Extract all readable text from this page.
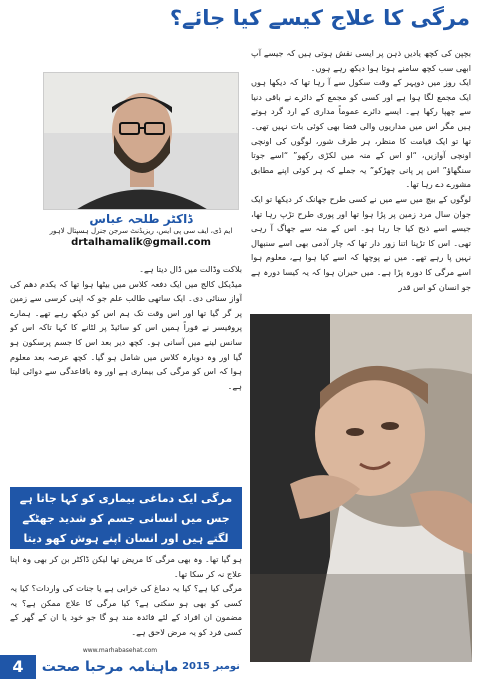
مرگی کا علاج کیسے کیا جائے؟
ڈاکٹر طلحہ عباس
ایم ڈی، ایف سی پی ایس، ریزیڈنٹ سرجن جنرل ہسپتال لاہور
drtalhamalik@gmail.com

بچپن کی کچھ یادیں ذہن پر ایسی نقش ہوتی ہیں کہ جیسے آپ ابھی سب کچھ سامنے ہوتا ہوا دیکھ رہے ہوں۔

ایک روز میں دوپہر کے وقت سکول سے آ رہا تھا کہ دیکھا ہوں ایک مجمع لگا ہوا ہے اور کسی کو مجمع کے دائرے نے باقی دنیا سے چھپا رکھا ہے۔ ایسے دائرے عموماً مداری کے ارد گرد ہوتے ہیں مگر اس میں مداریوں والی فضا بھی کوئی بات نہیں تھی۔ تھا تو ایک قیامت کا منظر، ہر طرف شور، لوگوں کی اونچی اونچی آوازیں، “او اس کے منہ میں لکڑی رکھو” “اسے جوتا سنگھاؤ” اس پر پانی چھڑکو” یہ جملے کہ ہر کوئی اپنے مطابق مشورے دے رہا تھا۔

لوگوں کے بیچ میں سے میں نے کسی طرح جھانک کر دیکھا تو ایک جوان سال مرد زمین پر پڑا ہوا تھا اور پوری طرح تڑپ رہا تھا، جیسے اسے ذبح کیا جا رہا ہو۔ اس کے منہ سے جھاگ آ رہی تھی۔ اس کا تڑپنا اتنا زور دار تھا کہ چار آدمی بھی اسے سنبھال نہیں پا رہے تھے۔ میں نے پوچھا کہ اسے کیا ہوا ہے، معلوم ہوا اسے مرگی کا دورہ پڑا ہے۔ میں حیران ہوا کہ یہ کیسا دورہ ہے جو انسان کو اس قدر

بلاکت وڈالت میں ڈال دیتا ہے۔

میڈیکل کالج میں ایک دفعہ کلاس میں بیٹھا ہوا تھا کہ یکدم دھم کی آواز سنائی دی۔ ایک ساتھی طالب علم جو کہ اپنی کرسی سے زمین پر گر گیا تھا اور اس وقت تک ہم اس کو دیکھ رہے تھے۔ ہمارے پروفیسر نے فوراً ہمیں اس کو سائیڈ پر لٹانے کا کہا تاکہ اس کو سانس لینے میں آسانی ہو۔ کچھ دیر بعد اس کا جسم پرسکون ہو گیا اور وہ دوبارہ کلاس میں شامل ہو گیا۔ کچھ عرصہ بعد معلوم ہوا کہ اس کو مرگی کی بیماری ہے اور وہ باقاعدگی سے دوائی لیتا ہے۔

مرگی ایک دماغی بیماری کو کہا جاتا ہے جس میں انسانی جسم کو شدید جھٹکے لگتے ہیں اور انسان اپنے ہوش کھو دیتا

ہو گیا تھا۔ وہ بھی مرگی کا مریض تھا لیکن ڈاکٹر بن کر بھی وہ اپنا علاج نہ کر سکا تھا۔

مرگی کیا ہے؟ کیا یہ دماغ کی خرابی ہے یا جنات کی واردات؟ کیا یہ کسی کو بھی ہو سکتی ہے؟ کیا مرگی کا علاج ممکن ہے؟ یہ مضمون ان افراد کے لئے فائدہ مند ہو گا جو خود یا ان کے گھر کے کسی فرد کو یہ مرض لاحق ہے۔

4
www.marhabasehat.com
ماہنامہ مرحبا صحت نومبر 2015
